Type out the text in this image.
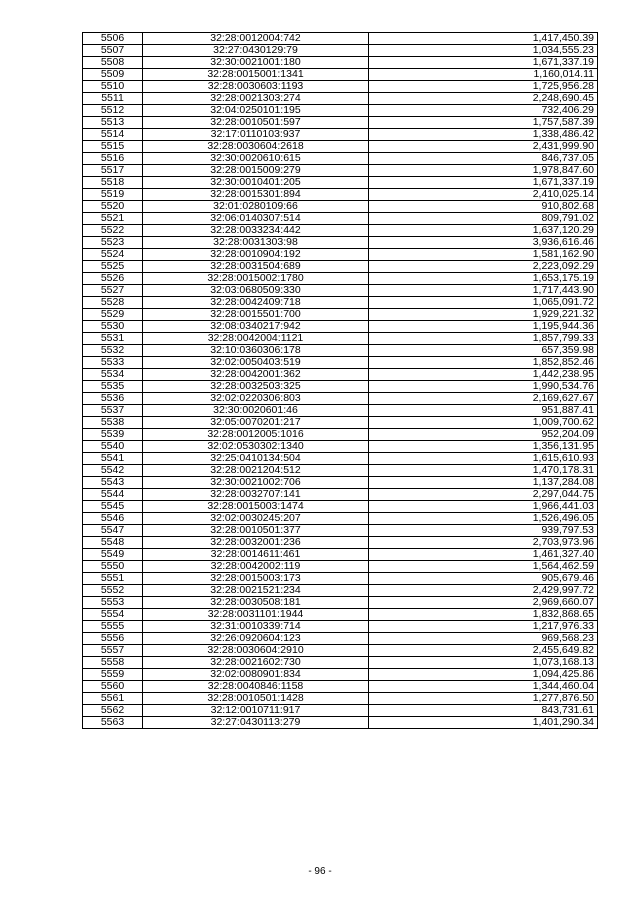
5506	32:28:0012004:742	1,417,450.39
5507	32:27:0430129:79	1,034,555.23
5508	32:30:0021001:180	1,671,337.19
5509	32:28:0015001:1341	1,160,014.11
5510	32:28:0030603:1193	1,725,956.28
5511	32:28:0021303:274	2,248,690.45
5512	32:04:0250101:195	732,406.29
5513	32:28:0010501:597	1,757,587.39
5514	32:17:0110103:937	1,338,486.42
5515	32:28:0030604:2618	2,431,999.90
5516	32:30:0020610:615	846,737.05
5517	32:28:0015009:279	1,978,847.60
5518	32:30:0010401:205	1,671,337.19
5519	32:28:0015301:894	2,410,025.14
5520	32:01:0280109:66	910,802.68
5521	32:06:0140307:514	809,791.02
5522	32:28:0033234:442	1,637,120.29
5523	32:28:0031303:98	3,936,616.46
5524	32:28:0010904:192	1,581,162.90
5525	32:28:0031504:689	2,223,092.29
5526	32:28:0015002:1780	1,653,175.19
5527	32:03:0680509:330	1,717,443.90
5528	32:28:0042409:718	1,065,091.72
5529	32:28:0015501:700	1,929,221.32
5530	32:08:0340217:942	1,195,944.36
5531	32:28:0042004:1121	1,857,799.33
5532	32:10:0360306:178	657,359.98
5533	32:02:0050403:519	1,852,852.46
5534	32:28:0042001:362	1,442,238.95
5535	32:28:0032503:325	1,990,534.76
5536	32:02:0220306:803	2,169,627.67
5537	32:30:0020601:46	951,887.41
5538	32:05:0070201:217	1,009,700.62
5539	32:28:0012005:1016	952,204.09
5540	32:02:0530302:1340	1,356,131.95
5541	32:25:0410134:504	1,615,610.93
5542	32:28:0021204:512	1,470,178.31
5543	32:30:0021002:706	1,137,284.08
5544	32:28:0032707:141	2,297,044.75
5545	32:28:0015003:1474	1,966,441.03
5546	32:02:0030245:207	1,526,496.05
5547	32:28:0010501:377	939,797.53
5548	32:28:0032001:236	2,703,973.96
5549	32:28:0014611:461	1,461,327.40
5550	32:28:0042002:119	1,564,462.59
5551	32:28:0015003:173	905,679.46
5552	32:28:0021521:234	2,429,997.72
5553	32:28:0030508:181	2,969,660.07
5554	32:28:0031101:1944	1,832,868.65
5555	32:31:0010339:714	1,217,976.33
5556	32:26:0920604:123	969,568.23
5557	32:28:0030604:2910	2,455,649.82
5558	32:28:0021602:730	1,073,168.13
5559	32:02:0080901:834	1,094,425.86
5560	32:28:0040846:1158	1,344,460.04
5561	32:28:0010501:1428	1,277,876.50
5562	32:12:0010711:917	843,731.61
5563	32:27:0430113:279	1,401,290.34
- 96 -
